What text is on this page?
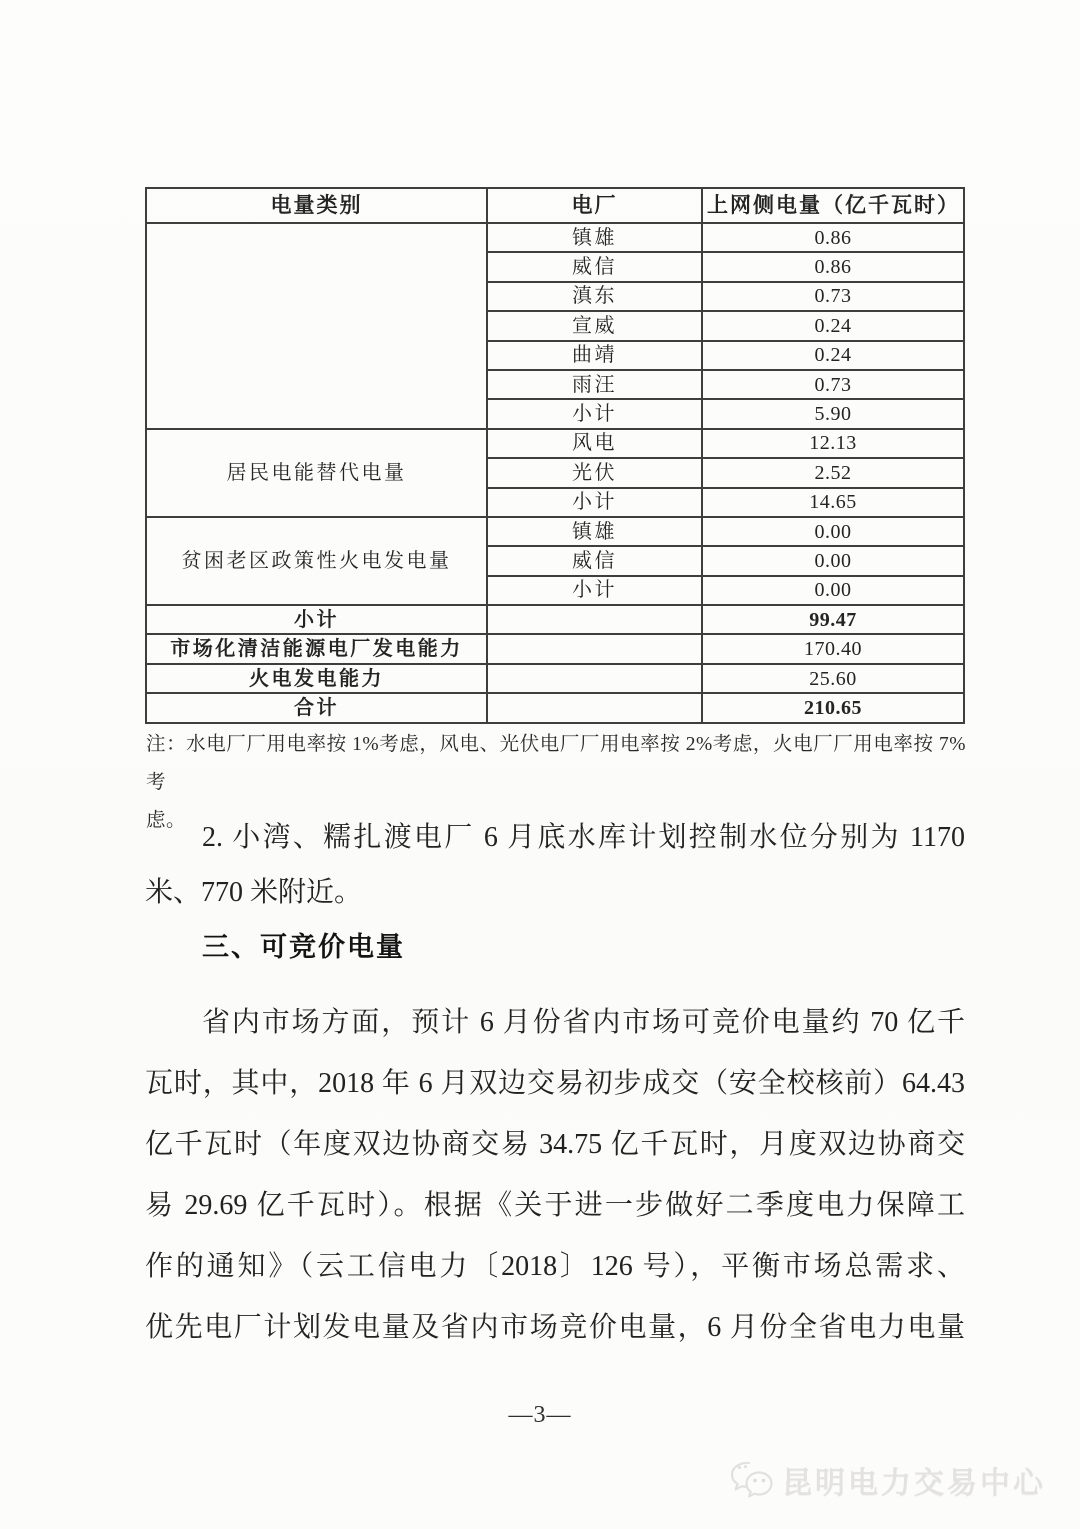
电量类别	电厂	上网侧电量（亿千瓦时）
	镇雄	0.86
	威信	0.86
	滇东	0.73
	宣威	0.24
	曲靖	0.24
	雨汪	0.73
	小计	5.90
居民电能替代电量	风电	12.13
	光伏	2.52
	小计	14.65
贫困老区政策性火电发电量	镇雄	0.00
	威信	0.00
	小计	0.00
小计		99.47
市场化清洁能源电厂发电能力		170.40
火电发电能力		25.60
合计		210.65
注：水电厂厂用电率按 1%考虑，风电、光伏电厂厂用电率按 2%考虑，火电厂厂用电率按 7%考
虑。
2. 小湾、糯扎渡电厂 6 月底水库计划控制水位分别为 1170
米、770 米附近。
三、可竞价电量
省内市场方面，预计 6 月份省内市场可竞价电量约 70 亿千
瓦时，其中，2018 年 6 月双边交易初步成交（安全校核前）64.43
亿千瓦时（年度双边协商交易 34.75 亿千瓦时，月度双边协商交
易 29.69 亿千瓦时）。根据《关于进一步做好二季度电力保障工
作的通知》（云工信电力〔2018〕126 号），平衡市场总需求、
优先电厂计划发电量及省内市场竞价电量，6 月份全省电力电量
—3—
昆明电力交易中心
